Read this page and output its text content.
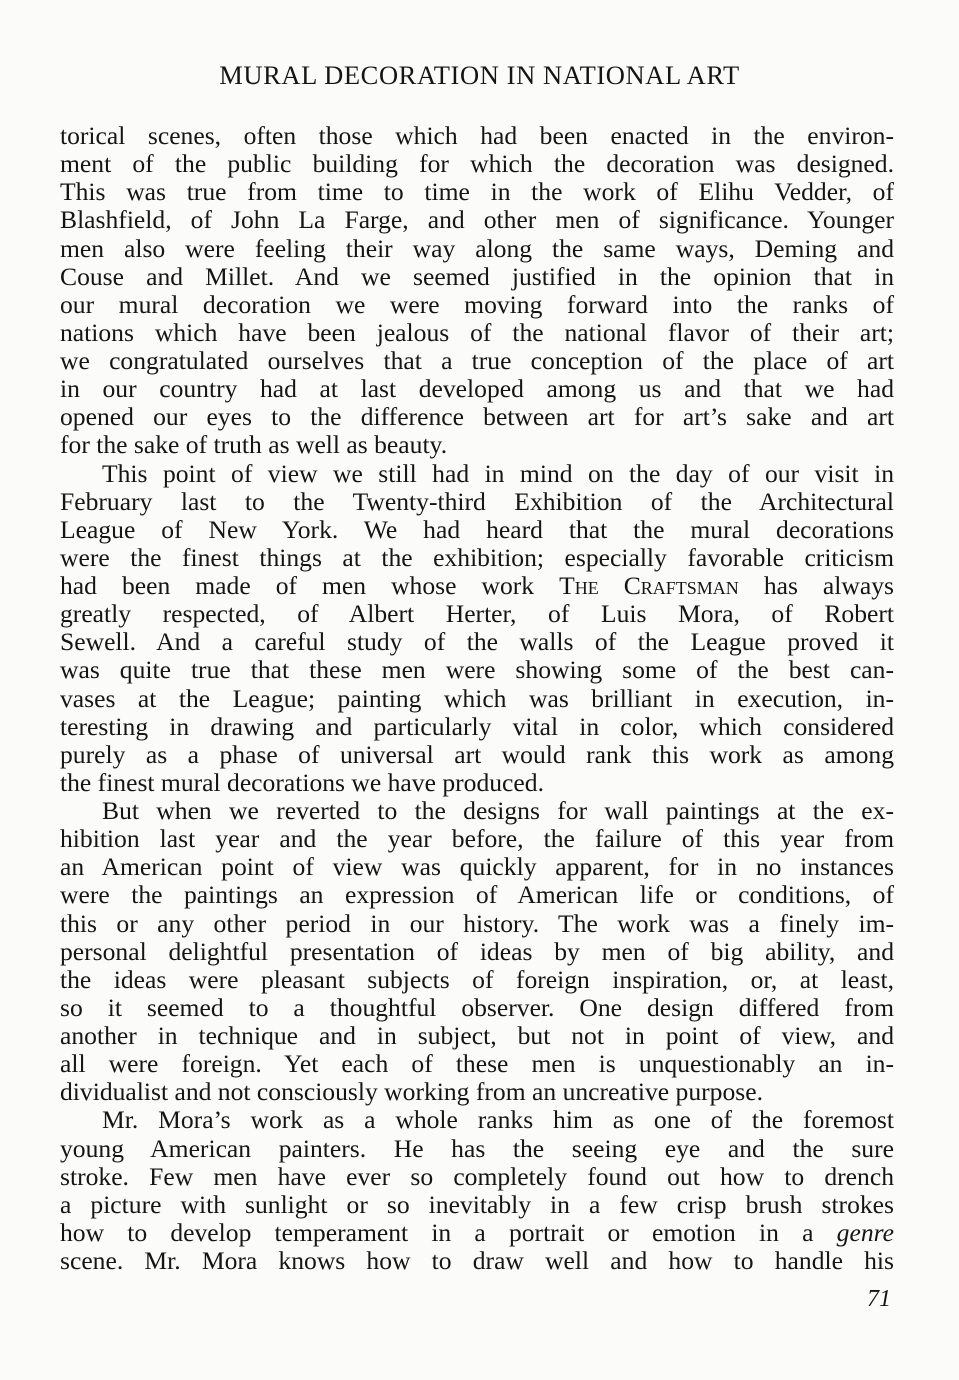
MURAL DECORATION IN NATIONAL ART
torical scenes, often those which had been enacted in the environ-
ment of the public building for which the decoration was designed.
This was true from time to time in the work of Elihu Vedder, of
Blashfield, of John La Farge, and other men of significance. Younger
men also were feeling their way along the same ways, Deming and
Couse and Millet. And we seemed justified in the opinion that in
our mural decoration we were moving forward into the ranks of
nations which have been jealous of the national flavor of their art;
we congratulated ourselves that a true conception of the place of art
in our country had at last developed among us and that we had
opened our eyes to the difference between art for art’s sake and art
for the sake of truth as well as beauty.
This point of view we still had in mind on the day of our visit in
February last to the Twenty-third Exhibition of the Architectural
League of New York. We had heard that the mural decorations
were the finest things at the exhibition; especially favorable criticism
had been made of men whose work The Craftsman has always
greatly respected, of Albert Herter, of Luis Mora, of Robert
Sewell. And a careful study of the walls of the League proved it
was quite true that these men were showing some of the best can-
vases at the League; painting which was brilliant in execution, in-
teresting in drawing and particularly vital in color, which considered
purely as a phase of universal art would rank this work as among
the finest mural decorations we have produced.
But when we reverted to the designs for wall paintings at the ex-
hibition last year and the year before, the failure of this year from
an American point of view was quickly apparent, for in no instances
were the paintings an expression of American life or conditions, of
this or any other period in our history. The work was a finely im-
personal delightful presentation of ideas by men of big ability, and
the ideas were pleasant subjects of foreign inspiration, or, at least,
so it seemed to a thoughtful observer. One design differed from
another in technique and in subject, but not in point of view, and
all were foreign. Yet each of these men is unquestionably an in-
dividualist and not consciously working from an uncreative purpose.
Mr. Mora’s work as a whole ranks him as one of the foremost
young American painters. He has the seeing eye and the sure
stroke. Few men have ever so completely found out how to drench
a picture with sunlight or so inevitably in a few crisp brush strokes
how to develop temperament in a portrait or emotion in a genre
scene. Mr. Mora knows how to draw well and how to handle his
71
